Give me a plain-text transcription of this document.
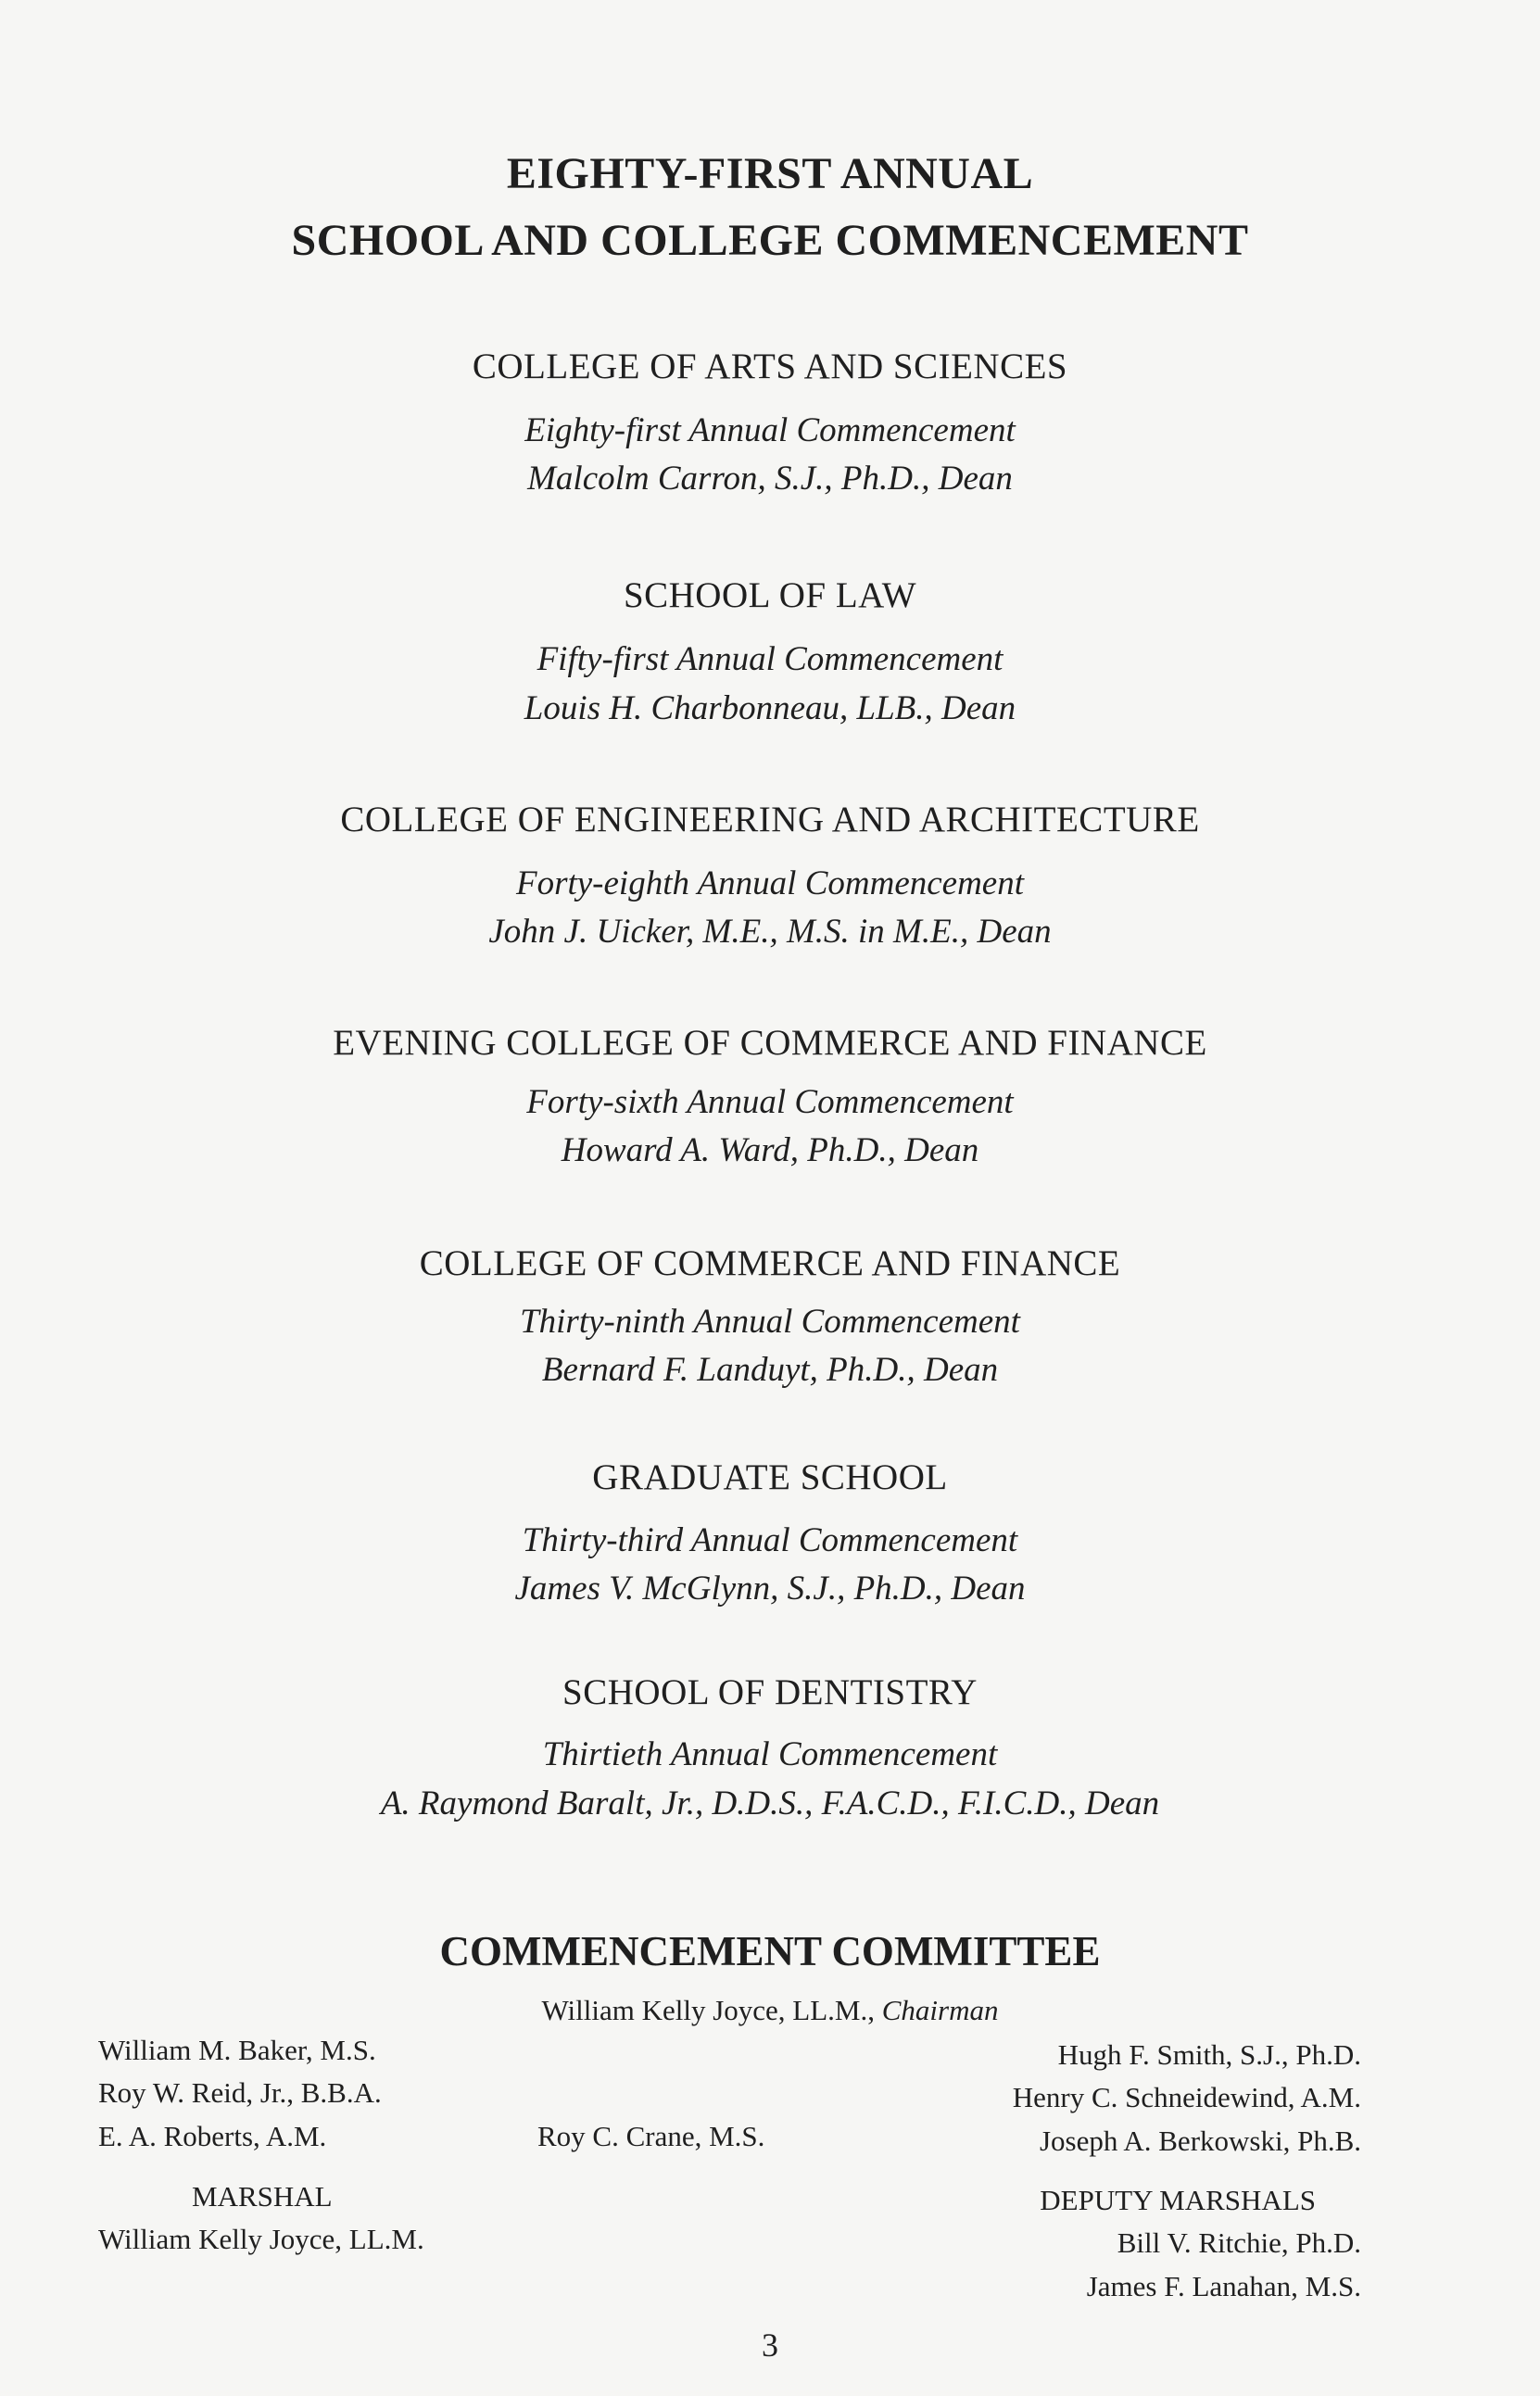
EIGHTY-FIRST ANNUAL
SCHOOL AND COLLEGE COMMENCEMENT
COLLEGE OF ARTS AND SCIENCES
Eighty-first Annual Commencement
Malcolm Carron, S.J., Ph.D., Dean
SCHOOL OF LAW
Fifty-first Annual Commencement
Louis H. Charbonneau, LLB., Dean
COLLEGE OF ENGINEERING AND ARCHITECTURE
Forty-eighth Annual Commencement
John J. Uicker, M.E., M.S. in M.E., Dean
EVENING COLLEGE OF COMMERCE AND FINANCE
Forty-sixth Annual Commencement
Howard A. Ward, Ph.D., Dean
COLLEGE OF COMMERCE AND FINANCE
Thirty-ninth Annual Commencement
Bernard F. Landuyt, Ph.D., Dean
GRADUATE SCHOOL
Thirty-third Annual Commencement
James V. McGlynn, S.J., Ph.D., Dean
SCHOOL OF DENTISTRY
Thirtieth Annual Commencement
A. Raymond Baralt, Jr., D.D.S., F.A.C.D., F.I.C.D., Dean
COMMENCEMENT COMMITTEE
William Kelly Joyce, LL.M., Chairman
William M. Baker, M.S.
Roy W. Reid, Jr., B.B.A.
E. A. Roberts, A.M.	Roy C. Crane, M.S.
Hugh F. Smith, S.J., Ph.D.
Henry C. Schneidewind, A.M.
Joseph A. Berkowski, Ph.B.
MARSHAL
William Kelly Joyce, LL.M.
DEPUTY MARSHALS
Bill V. Ritchie, Ph.D.
James F. Lanahan, M.S.
3
